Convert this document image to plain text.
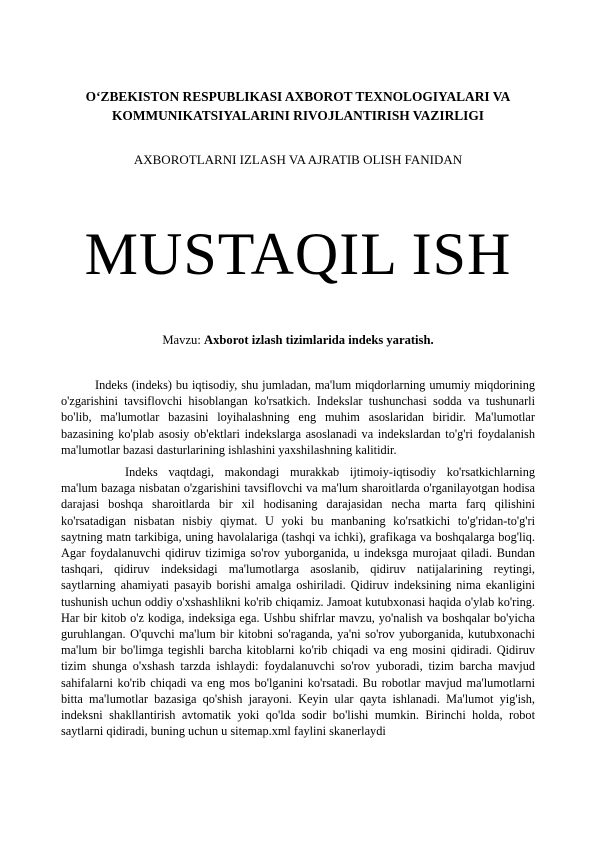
O‘ZBEKISTON RESPUBLIKASI AXBOROT TEXNOLOGIYALARI VA
KOMMUNIKATSIYALARINI RIVOJLANTIRISH VAZIRLIGI
AXBOROTLARNI IZLASH VA AJRATIB OLISH FANIDAN
MUSTAQIL ISH
Mavzu: Axborot izlash tizimlarida indeks yaratish.

Indeks (indeks) bu iqtisodiy, shu jumladan, ma'lum miqdorlarning umumiy miqdorining o'zgarishini tavsiflovchi hisoblangan ko'rsatkich. Indekslar tushunchasi sodda va tushunarli bo'lib, ma'lumotlar bazasini loyihalashning eng muhim asoslaridan biridir. Ma'lumotlar bazasining ko'plab asosiy ob'ektlari indekslarga asoslanadi va indekslardan to'g'ri foydalanish ma'lumotlar bazasi dasturlarining ishlashini yaxshilashning kalitidir.

Indeks vaqtdagi, makondagi murakkab ijtimoiy-iqtisodiy ko'rsatkichlarning ma'lum bazaga nisbatan o'zgarishini tavsiflovchi va ma'lum sharoitlarda o'rganilayotgan hodisa darajasi boshqa sharoitlarda bir xil hodisaning darajasidan necha marta farq qilishini ko'rsatadigan nisbatan nisbiy qiymat. U yoki bu manbaning ko'rsatkichi to'g'ridan-to'g'ri saytning matn tarkibiga, uning havolalariga (tashqi va ichki), grafikaga va boshqalarga bog'liq. Agar foydalanuvchi qidiruv tizimiga so'rov yuborganida, u indeksga murojaat qiladi. Bundan tashqari, qidiruv indeksidagi ma'lumotlarga asoslanib, qidiruv natijalarining reytingi, saytlarning ahamiyati pasayib borishi amalga oshiriladi. Qidiruv indeksining nima ekanligini tushunish uchun oddiy o'xshashlikni ko'rib chiqamiz. Jamoat kutubxonasi haqida o'ylab ko'ring. Har bir kitob o'z kodiga, indeksiga ega. Ushbu shifrlar mavzu, yo'nalish va boshqalar bo'yicha guruhlangan. O'quvchi ma'lum bir kitobni so'raganda, ya'ni so'rov yuborganida, kutubxonachi ma'lum bir bo'limga tegishli barcha kitoblarni ko'rib chiqadi va eng mosini qidiradi. Qidiruv tizim shunga o'xshash tarzda ishlaydi: foydalanuvchi so'rov yuboradi, tizim barcha mavjud sahifalarni ko'rib chiqadi va eng mos bo'lganini ko'rsatadi. Bu robotlar mavjud ma'lumotlarni bitta ma'lumotlar bazasiga qo'shish jarayoni. Keyin ular qayta ishlanadi. Ma'lumot yig'ish, indeksni shakllantirish avtomatik yoki qo'lda sodir bo'lishi mumkin. Birinchi holda, robot saytlarni qidiradi, buning uchun u sitemap.xml faylini skanerlaydi
